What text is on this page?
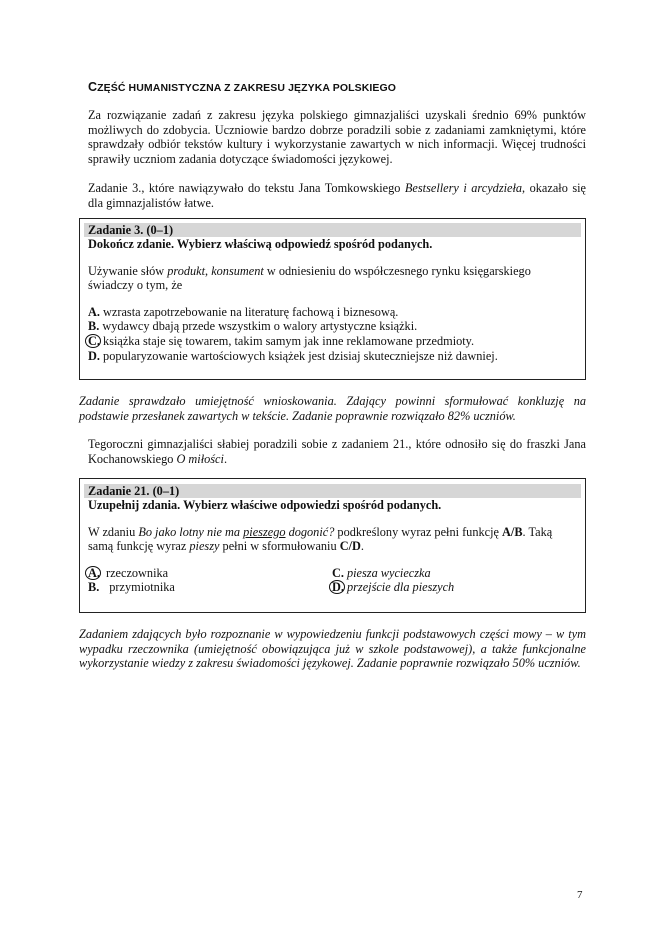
CZĘŚĆ HUMANISTYCZNA Z ZAKRESU JĘZYKA POLSKIEGO
Za rozwiązanie zadań z zakresu języka polskiego gimnazjaliści uzyskali średnio 69% punktów możliwych do zdobycia. Uczniowie bardzo dobrze poradzili sobie z zadaniami zamkniętymi, które sprawdzały odbiór tekstów kultury i wykorzystanie zawartych w nich informacji. Więcej trudności sprawiły uczniom zadania dotyczące świadomości językowej.
Zadanie 3., które nawiązywało do tekstu Jana Tomkowskiego Bestsellery i arcydzieła, okazało się dla gimnazjalistów łatwe.
Zadanie 3. (0–1)
Dokończ zdanie. Wybierz właściwą odpowiedź spośród podanych.
Używanie słów produkt, konsument w odniesieniu do współczesnego rynku księgarskiego świadczy o tym, że
A. wzrasta zapotrzebowanie na literaturę fachową i biznesową.
B. wydawcy dbają przede wszystkim o walory artystyczne książki.
C. książka staje się towarem, takim samym jak inne reklamowane przedmioty.
D. popularyzowanie wartościowych książek jest dzisiaj skuteczniejsze niż dawniej.
Zadanie sprawdzało umiejętność wnioskowania. Zdający powinni sformułować konkluzję na podstawie przesłanek zawartych w tekście. Zadanie poprawnie rozwiązało 82% uczniów.
Tegoroczni gimnazjaliści słabiej poradzili sobie z zadaniem 21., które odnosiło się do fraszki Jana Kochanowskiego O miłości.
Zadanie 21. (0–1)
Uzupełnij zdania. Wybierz właściwe odpowiedzi spośród podanych.
W zdaniu Bo jako lotny nie ma pieszego dogonić? podkreślony wyraz pełni funkcję A/B. Taką samą funkcję wyraz pieszy pełni w sformułowaniu C/D.
A. rzeczownika
B. przymiotnika
C. piesza wycieczka
D. przejście dla pieszych
Zadaniem zdających było rozpoznanie w wypowiedzeniu funkcji podstawowych części mowy – w tym wypadku rzeczownika (umiejętność obowiązująca już w szkole podstawowej), a także funkcjonalne wykorzystanie wiedzy z zakresu świadomości językowej. Zadanie poprawnie rozwiązało 50% uczniów.
7
